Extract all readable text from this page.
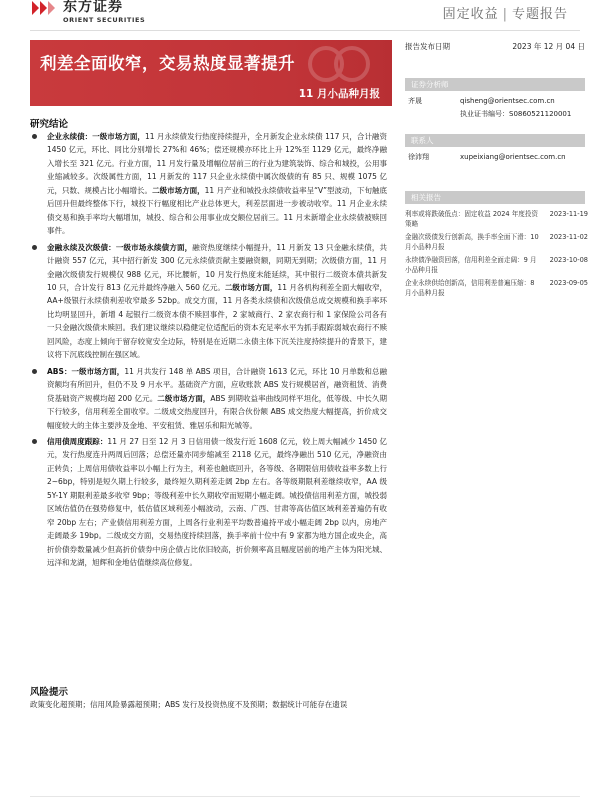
东方证券
ORIENT SECURITIES	固定收益 | 专题报告
利差全面收窄，交易热度显著提升
11 月小品种月报
报告发布日期	2023 年 12 月 04 日
证券分析师
齐晟	qisheng@orientsec.com.cn
执业证书编号：S0860521120001
联系人
徐沛翔	xupeixiang@orientsec.com.cn
相关报告
利率或将跌破低点：固定收益 2024 年度投资策略
2023-11-19
金融次级债发行创新高，换手率全面下滑：10 月小品种月报
2023-11-02
永续债净融资回落，信用利差全面走阔：9 月小品种月报
2023-10-08
企业永续供给创新高，信用利差普遍压缩：8 月小品种月报
2023-09-05
研究结论
企业永续债：一级市场方面，11 月永续债发行热度持续提升，全月新发企业永续债 117 只，合计融资 1450 亿元，环比、同比分别增长 27%和 46%；偿还规模亦环比上升 12%至 1129 亿元，最终净融入增长至 321 亿元。行业方面，11 月发行量及增幅位居前三的行业为建筑装饰、综合和城投，公用事业缩减较多。次级属性方面，11 月新发的 117 只企业永续债中属次级债的有 85 只、规模 1075 亿元，只数、规模占比小幅增长。二级市场方面，11 月产业和城投永续债收益率呈“V”型波动，下旬触底后回升但最终整体下行，城投下行幅度相比产业总体更大，利差层面进一步被动收窄。11 月企业永续债交易和换手率均大幅增加，城投、综合和公用事业成交额位居前三。11 月未新增企业永续债被赎回事件。
金融永续及次级债：一级市场永续债方面，融资热度继续小幅提升，11 月新发 13 只金融永续债，共计融资 557 亿元，其中招行新发 300 亿元永续债贡献主要融资额，同期无到期；次级债方面，11 月金融次级债发行规模仅 988 亿元，环比腰斩，10 月发行热度未能延续，其中银行二级资本债共新发 10 只，合计发行 813 亿元并最终净融入 560 亿元。二级市场方面，11 月各机构利差全面大幅收窄，AA+级银行永续债利差收窄最多 52bp。成交方面，11 月各类永续债和次级债总成交规模和换手率环比均明显回升，新增 4 起银行二级资本债不赎回事件，2 家城商行、2 家农商行和 1 家保险公司各有一只金融次级债未赎回。我们建议继续以稳健定位适配后的资本充足率水平为抓手跟踪弱城农商行不赎回风险，态度上倾向于留存较宽安全边际，特别是在近期二永债主体下沉关注度持续提升的背景下，建议将下沉底线控制在强区域。
ABS：一级市场方面，11 月共发行 148 单 ABS 项目，合计融资 1613 亿元，环比 10 月单数和总融资额均有所回升，但仍不及 9 月水平。基础资产方面，应收账款 ABS 发行规模居首，融资租赁、消费贷基础资产规模均超 200 亿元。二级市场方面，ABS 到期收益率曲线同样平坦化，低等级、中长久期下行较多，信用利差全面收窄。二级成交热度回升，有限合伙份额 ABS 成交热度大幅提高，折价成交幅度较大的主体主要涉及金地、平安租赁、雅居乐和阳光城等。
信用债周度跟踪：11 月 27 日至 12 月 3 日信用债一级发行近 1608 亿元，较上周大幅减少 1450 亿元，发行热度连升两周后回落；总偿还量亦同步缩减至 2118 亿元，最终净融出 510 亿元，净融资由正转负；上周信用债收益率以小幅上行为主，利差也触底回升，各等级、各期限信用债收益率多数上行 2~6bp，特别是短久期上行较多，最终短久期利差走阔 2bp 左右。各等级期限利差继续收窄，AA 级 5Y-1Y 期限利差最多收窄 9bp；等级利差中长久期收窄而短期小幅走阔。城投债信用利差方面，城投弱区域估值仍在强势修复中，低估值区域利差小幅波动，云南、广西、甘肃等高估值区域利差普遍仍有收窄 20bp 左右；产业债信用利差方面，上周各行业利差平均数普遍持平或小幅走阔 2bp 以内，房地产走阔最多 19bp。二级成交方面，交易热度持续回落，换手率前十位中有 9 家都为地方国企或央企，高折价债券数量减少但高折价债券中房企债占比依旧较高，折价频率高且幅度居前的地产主体为阳光城、远洋和龙湖，旭辉和金地估值继续高位修复。
风险提示
政策变化超预期；信用风险暴露超预期；ABS 发行及投资热度不及预期；数据统计可能存在遗误
